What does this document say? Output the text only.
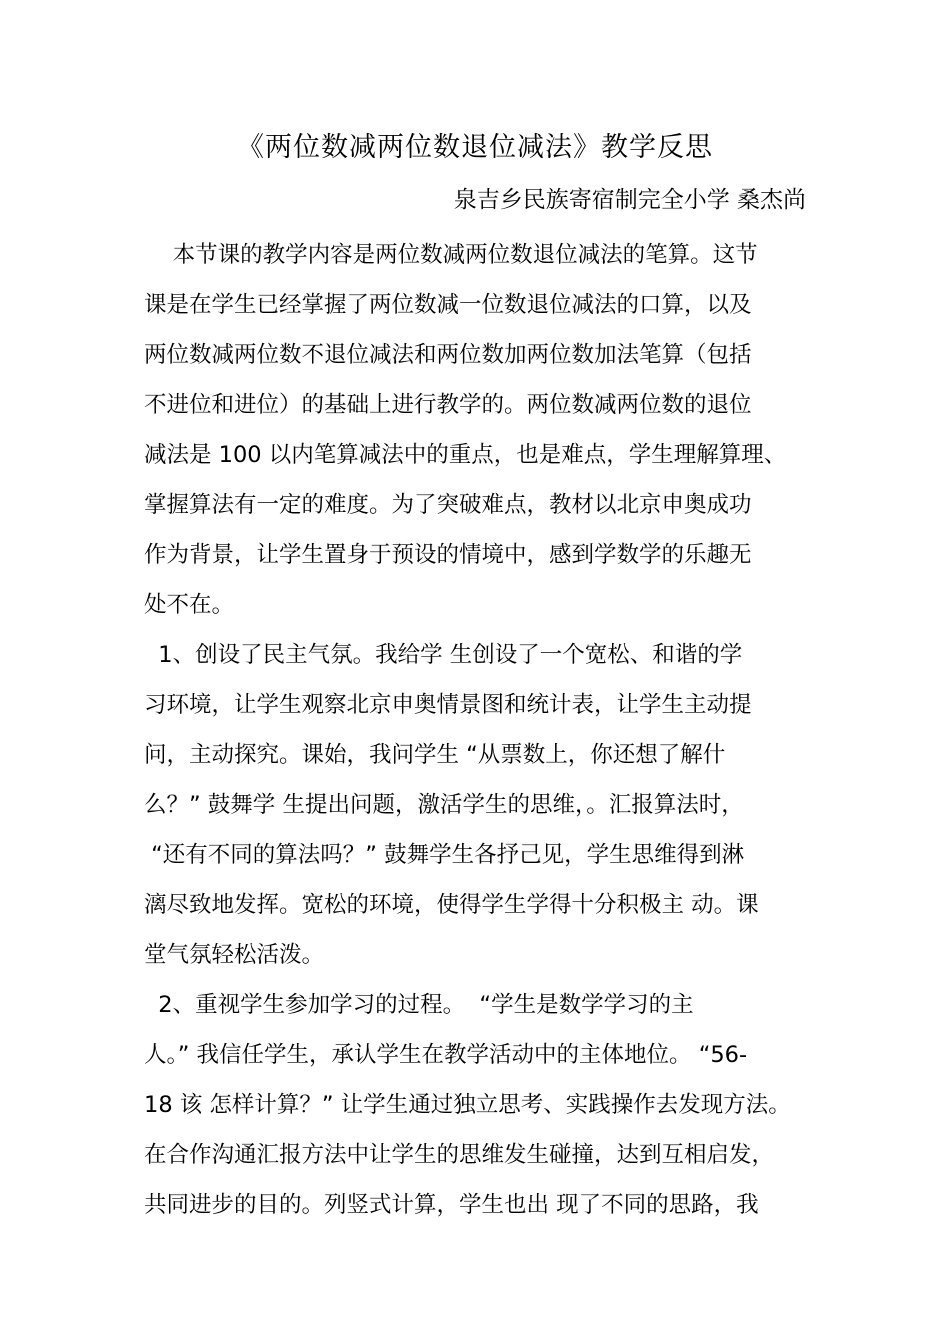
《两位数减两位数退位减法》教学反思
泉吉乡民族寄宿制完全小学 桑杰尚
本节课的教学内容是两位数减两位数退位减法的笔算。这节
课是在学生已经掌握了两位数减一位数退位减法的口算，以及
两位数减两位数不退位减法和两位数加两位数加法笔算（包括
不进位和进位）的基础上进行教学的。两位数减两位数的退位
减法是 100 以内笔算减法中的重点，也是难点，学生理解算理、
掌握算法有一定的难度。为了突破难点，教材以北京申奥成功
作为背景，让学生置身于预设的情境中，感到学数学的乐趣无
处不在。
1、创设了民主气氛。我给学 生创设了一个宽松、和谐的学
习环境，让学生观察北京申奥情景图和统计表，让学生主动提
问，主动探究。课始，我问学生 “从票数上，你还想了解什
么？” 鼓舞学 生提出问题，激活学生的思维，。汇报算法时，
“还有不同的算法吗？” 鼓舞学生各抒己见，学生思维得到淋
漓尽致地发挥。宽松的环境，使得学生学得十分积极主 动。课
堂气氛轻松活泼。
2、重视学生参加学习的过程。  “学生是数学学习的主
人。” 我信任学生，承认学生在教学活动中的主体地位。 “56-
18 该 怎样计算？” 让学生通过独立思考、实践操作去发现方法。
在合作沟通汇报方法中让学生的思维发生碰撞，达到互相启发，
共同进步的目的。列竖式计算，学生也出 现了不同的思路，我
